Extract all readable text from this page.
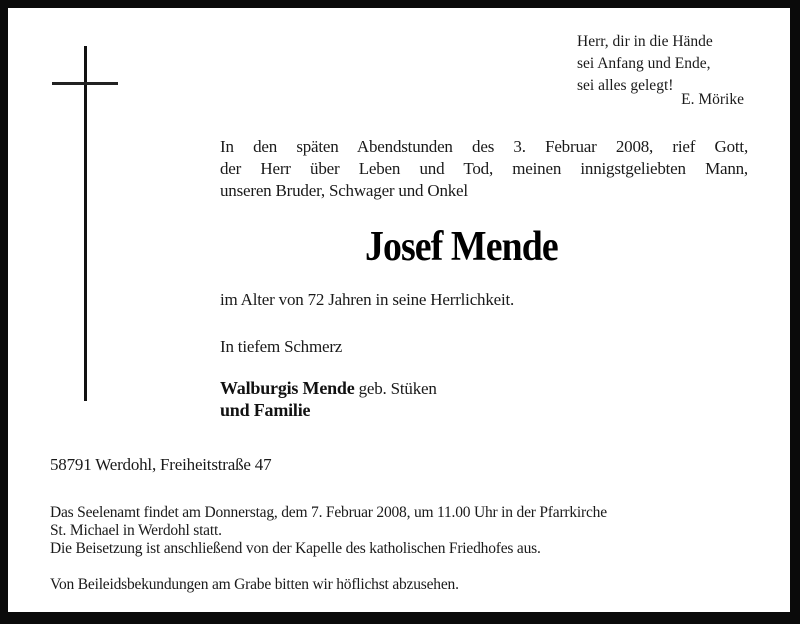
Herr, dir in die Hände
sei Anfang und Ende,
sei alles gelegt!
E. Mörike
In den späten Abendstunden des 3. Februar 2008, rief Gott,
der Herr über Leben und Tod, meinen innigstgeliebten Mann,
unseren Bruder, Schwager und Onkel
Josef Mende
im Alter von 72 Jahren in seine Herrlichkeit.
In tiefem Schmerz
Walburgis Mende geb. Stüken
und Familie
58791 Werdohl, Freiheitstraße 47
Das Seelenamt findet am Donnerstag, dem 7. Februar 2008, um 11.00 Uhr in der Pfarrkirche
St. Michael in Werdohl statt.
Die Beisetzung ist anschließend von der Kapelle des katholischen Friedhofes aus.
Von Beileidsbekundungen am Grabe bitten wir höflichst abzusehen.
